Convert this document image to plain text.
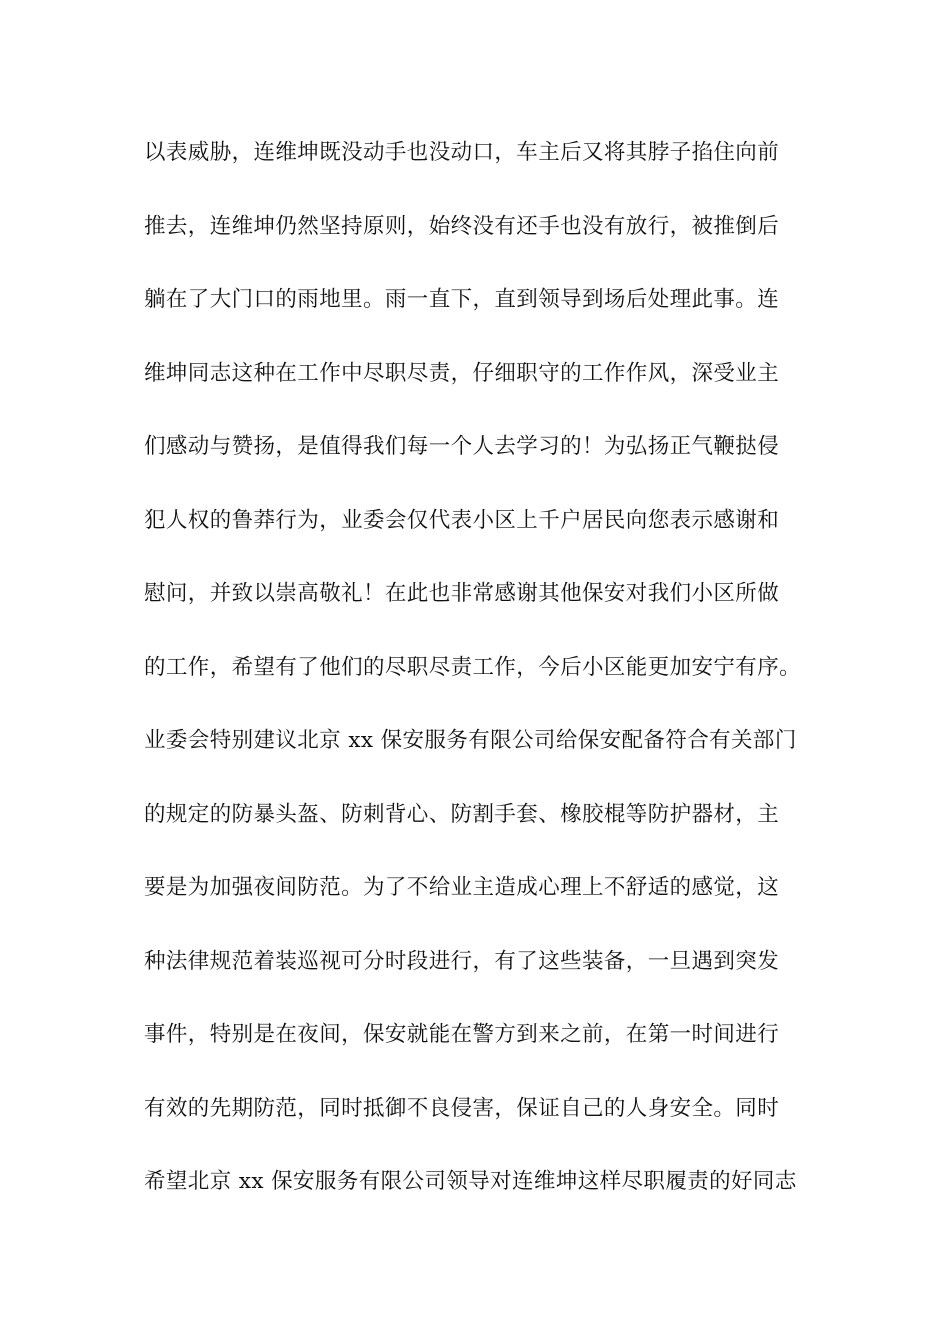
以表威胁，连维坤既没动手也没动口，车主后又将其脖子掐住向前
推去，连维坤仍然坚持原则，始终没有还手也没有放行，被推倒后
躺在了大门口的雨地里。雨一直下，直到领导到场后处理此事。连
维坤同志这种在工作中尽职尽责，仔细职守的工作作风，深受业主
们感动与赞扬，是值得我们每一个人去学习的！为弘扬正气鞭挞侵
犯人权的鲁莽行为，业委会仅代表小区上千户居民向您表示感谢和
慰问，并致以崇高敬礼！在此也非常感谢其他保安对我们小区所做
的工作，希望有了他们的尽职尽责工作，今后小区能更加安宁有序。
业委会特别建议北京 xx 保安服务有限公司给保安配备符合有关部门
的规定的防暴头盔、防刺背心、防割手套、橡胶棍等防护器材，主
要是为加强夜间防范。为了不给业主造成心理上不舒适的感觉，这
种法律规范着装巡视可分时段进行，有了这些装备，一旦遇到突发
事件，特别是在夜间，保安就能在警方到来之前，在第一时间进行
有效的先期防范，同时抵御不良侵害，保证自己的人身安全。同时
希望北京 xx 保安服务有限公司领导对连维坤这样尽职履责的好同志
